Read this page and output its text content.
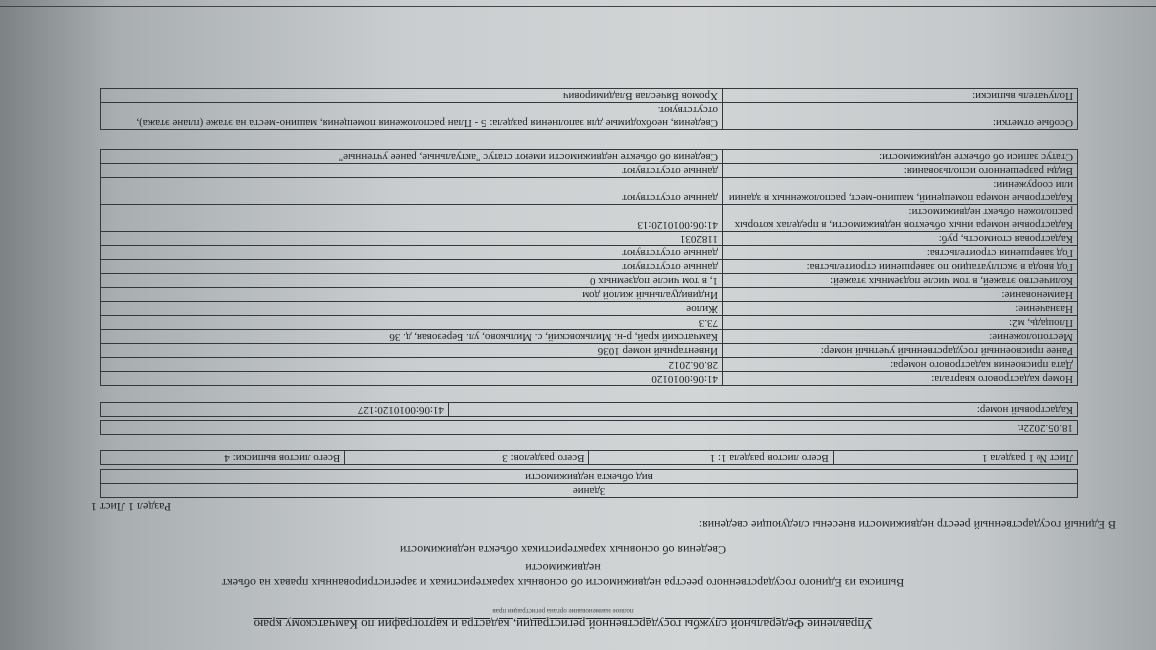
Управление Федеральной службы государственной регистрации, кадастра и картографии по Камчатскому краю
полное наименование органа регистрации прав
Выписка из Единого государственного реестра недвижимости об основных характеристиках и зарегистрированных правах на объект недвижимости
Сведения об основных характеристиках объекта недвижимости
В Единый государственный реестр недвижимости внесены следующие сведения:
Раздел 1 Лист 1
Здание
вид объекта недвижимости
Лист № 1 раздела 1	Всего листов раздела 1: 1	Всего разделов: 3	Всего листов выписки: 4
18.05.2022г.
Кадастровый номер:	41:06:0010120:127
Номер кадастрового квартала:	41:06:0010120
Дата присвоения кадастрового номера:	28.06.2012
Ранее присвоенный государственный учетный номер:	Инвентарный номер 1036
Местоположение:	Камчатский край, р-н. Мильковский, с. Мильково, ул. Березовая, д. 36
Площадь, м2:	73.3
Назначение:	Жилое
Наименование:	Индивидуальный жилой дом
Количество этажей, в том числе подземных этажей:	1, в том числе подземных 0
Год ввода в эксплуатацию по завершении строительства:	данные отсутствуют
Год завершения строительства:	данные отсутствуют
Кадастровая стоимость, руб:	1182031
Кадастровые номера иных объектов недвижимости, в пределах которых расположен объект недвижимости:	41:06:0010120:13
Кадастровые номера помещений, машино-мест, расположенных в здании или сооружении:	данные отсутствуют
Виды разрешенного использования:	данные отсутствуют
Статус записи об объекте недвижимости:	Сведения об объекте недвижимости имеют статус "актуальные, ранее учтенные"
Особые отметки:	Сведения, необходимые для заполнения раздела: 5 - План расположения помещения, машино-места на этаже (плане этажа), отсутствуют.
Получатель выписки:	Хромов Вячеслав Владимирович
